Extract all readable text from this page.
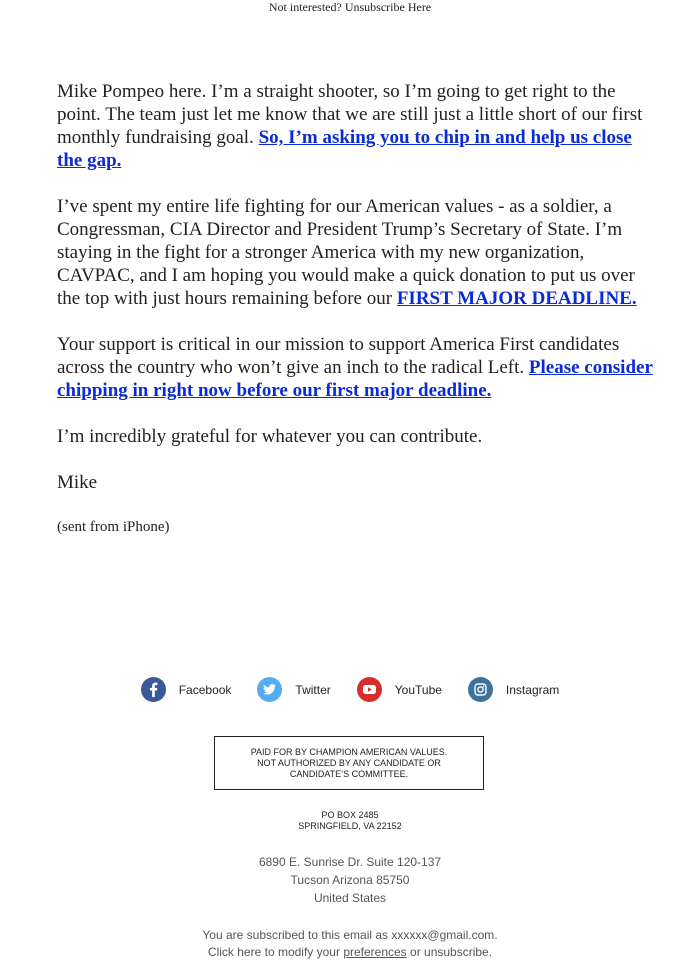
Not interested? Unsubscribe Here

Mike Pompeo here. I’m a straight shooter, so I’m going to get right to the point. The team just let me know that we are still just a little short of our first monthly fundraising goal. So, I’m asking you to chip in and help us close the gap.

I’ve spent my entire life fighting for our American values - as a soldier, a Congressman, CIA Director and President Trump’s Secretary of State. I’m staying in the fight for a stronger America with my new organization, CAVPAC, and I am hoping you would make a quick donation to put us over the top with just hours remaining before our FIRST MAJOR DEADLINE.

Your support is critical in our mission to support America First candidates across the country who won’t give an inch to the radical Left. Please consider chipping in right now before our first major deadline.

I’m incredibly grateful for whatever you can contribute.

Mike

(sent from iPhone)

Facebook	Twitter	YouTube	Instagram
PAID FOR BY CHAMPION AMERICAN VALUES.
NOT AUTHORIZED BY ANY CANDIDATE OR
CANDIDATE’S COMMITTEE.
PO BOX 2485
SPRINGFIELD, VA 22152
6890 E. Sunrise Dr. Suite 120-137
Tucson Arizona 85750
United States
You are subscribed to this email as xxxxxx@gmail.com.
Click here to modify your preferences or unsubscribe.
